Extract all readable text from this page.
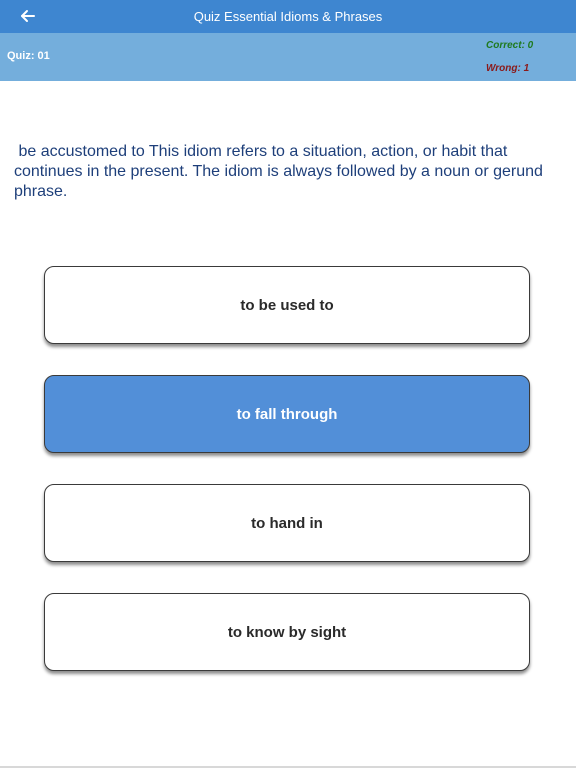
Quiz Essential Idioms & Phrases
Quiz: 01
Correct: 0
Wrong: 1
be accustomed to This idiom refers to a situation, action, or habit that continues in the present. The idiom is always followed by a noun or gerund phrase.
to be used to
to fall through
to hand in
to know by sight
